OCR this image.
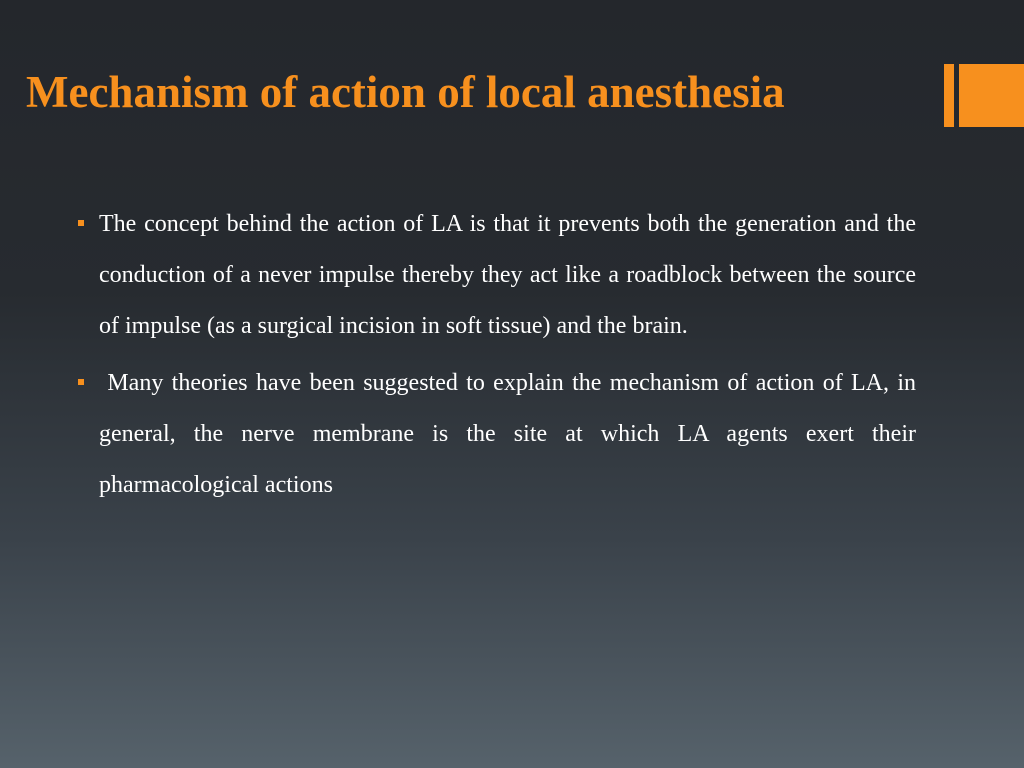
Mechanism of action of local anesthesia
The concept behind the action of LA is that it prevents both the generation and the conduction of a never impulse thereby they act like a roadblock between the source of impulse (as a surgical incision in soft tissue) and the brain.
Many theories have been suggested to explain the mechanism of action of LA, in general, the nerve membrane is the site at which LA agents exert their pharmacological actions
